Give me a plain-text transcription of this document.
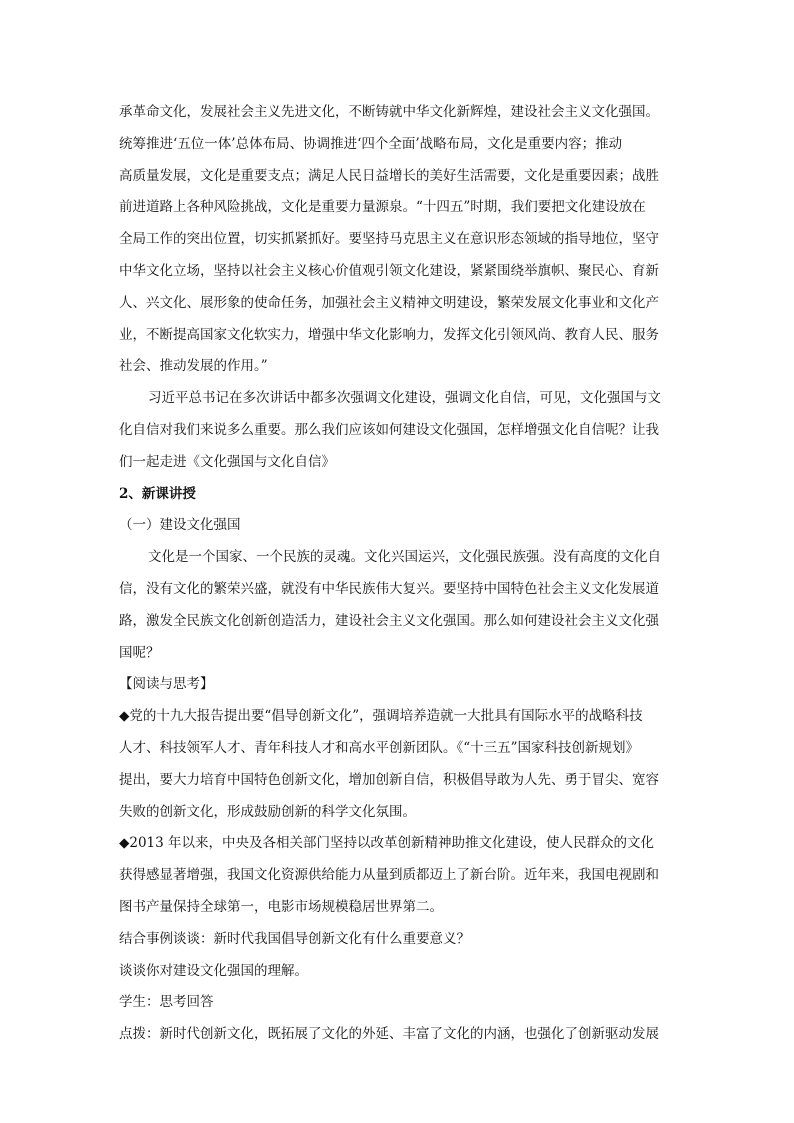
承革命文化，发展社会主义先进文化，不断铸就中华文化新辉煌，建设社会主义文化强国。
统筹推进‘五位一体’总体布局、协调推进‘四个全面’战略布局，文化是重要内容；推动
高质量发展，文化是重要支点；满足人民日益增长的美好生活需要，文化是重要因素；战胜
前进道路上各种风险挑战，文化是重要力量源泉。“十四五”时期，我们要把文化建设放在
全局工作的突出位置，切实抓紧抓好。要坚持马克思主义在意识形态领域的指导地位，坚守
中华文化立场，坚持以社会主义核心价值观引领文化建设，紧紧围绕举旗帜、聚民心、育新
人、兴文化、展形象的使命任务，加强社会主义精神文明建设，繁荣发展文化事业和文化产
业，不断提高国家文化软实力，增强中华文化影响力，发挥文化引领风尚、教育人民、服务
社会、推动发展的作用。”
习近平总书记在多次讲话中都多次强调文化建设，强调文化自信，可见，文化强国与文
化自信对我们来说多么重要。那么我们应该如何建设文化强国，怎样增强文化自信呢？让我
们一起走进《文化强国与文化自信》
2、新课讲授
（一）建设文化强国
文化是一个国家、一个民族的灵魂。文化兴国运兴，文化强民族强。没有高度的文化自
信，没有文化的繁荣兴盛，就没有中华民族伟大复兴。要坚持中国特色社会主义文化发展道
路，激发全民族文化创新创造活力，建设社会主义文化强国。那么如何建设社会主义文化强
国呢？
【阅读与思考】
◆党的十九大报告提出要“倡导创新文化”，强调培养造就一大批具有国际水平的战略科技
人才、科技领军人才、青年科技人才和高水平创新团队。《“十三五”国家科技创新规划》
提出，要大力培育中国特色创新文化，增加创新自信，积极倡导敢为人先、勇于冒尖、宽容
失败的创新文化，形成鼓励创新的科学文化氛围。
◆2013 年以来，中央及各相关部门坚持以改革创新精神助推文化建设，使人民群众的文化
获得感显著增强，我国文化资源供给能力从量到质都迈上了新台阶。近年来，我国电视剧和
图书产量保持全球第一，电影市场规模稳居世界第二。
结合事例谈谈：新时代我国倡导创新文化有什么重要意义？
谈谈你对建设文化强国的理解。
学生：思考回答
点拨：新时代创新文化，既拓展了文化的外延、丰富了文化的内涵，也强化了创新驱动发展
